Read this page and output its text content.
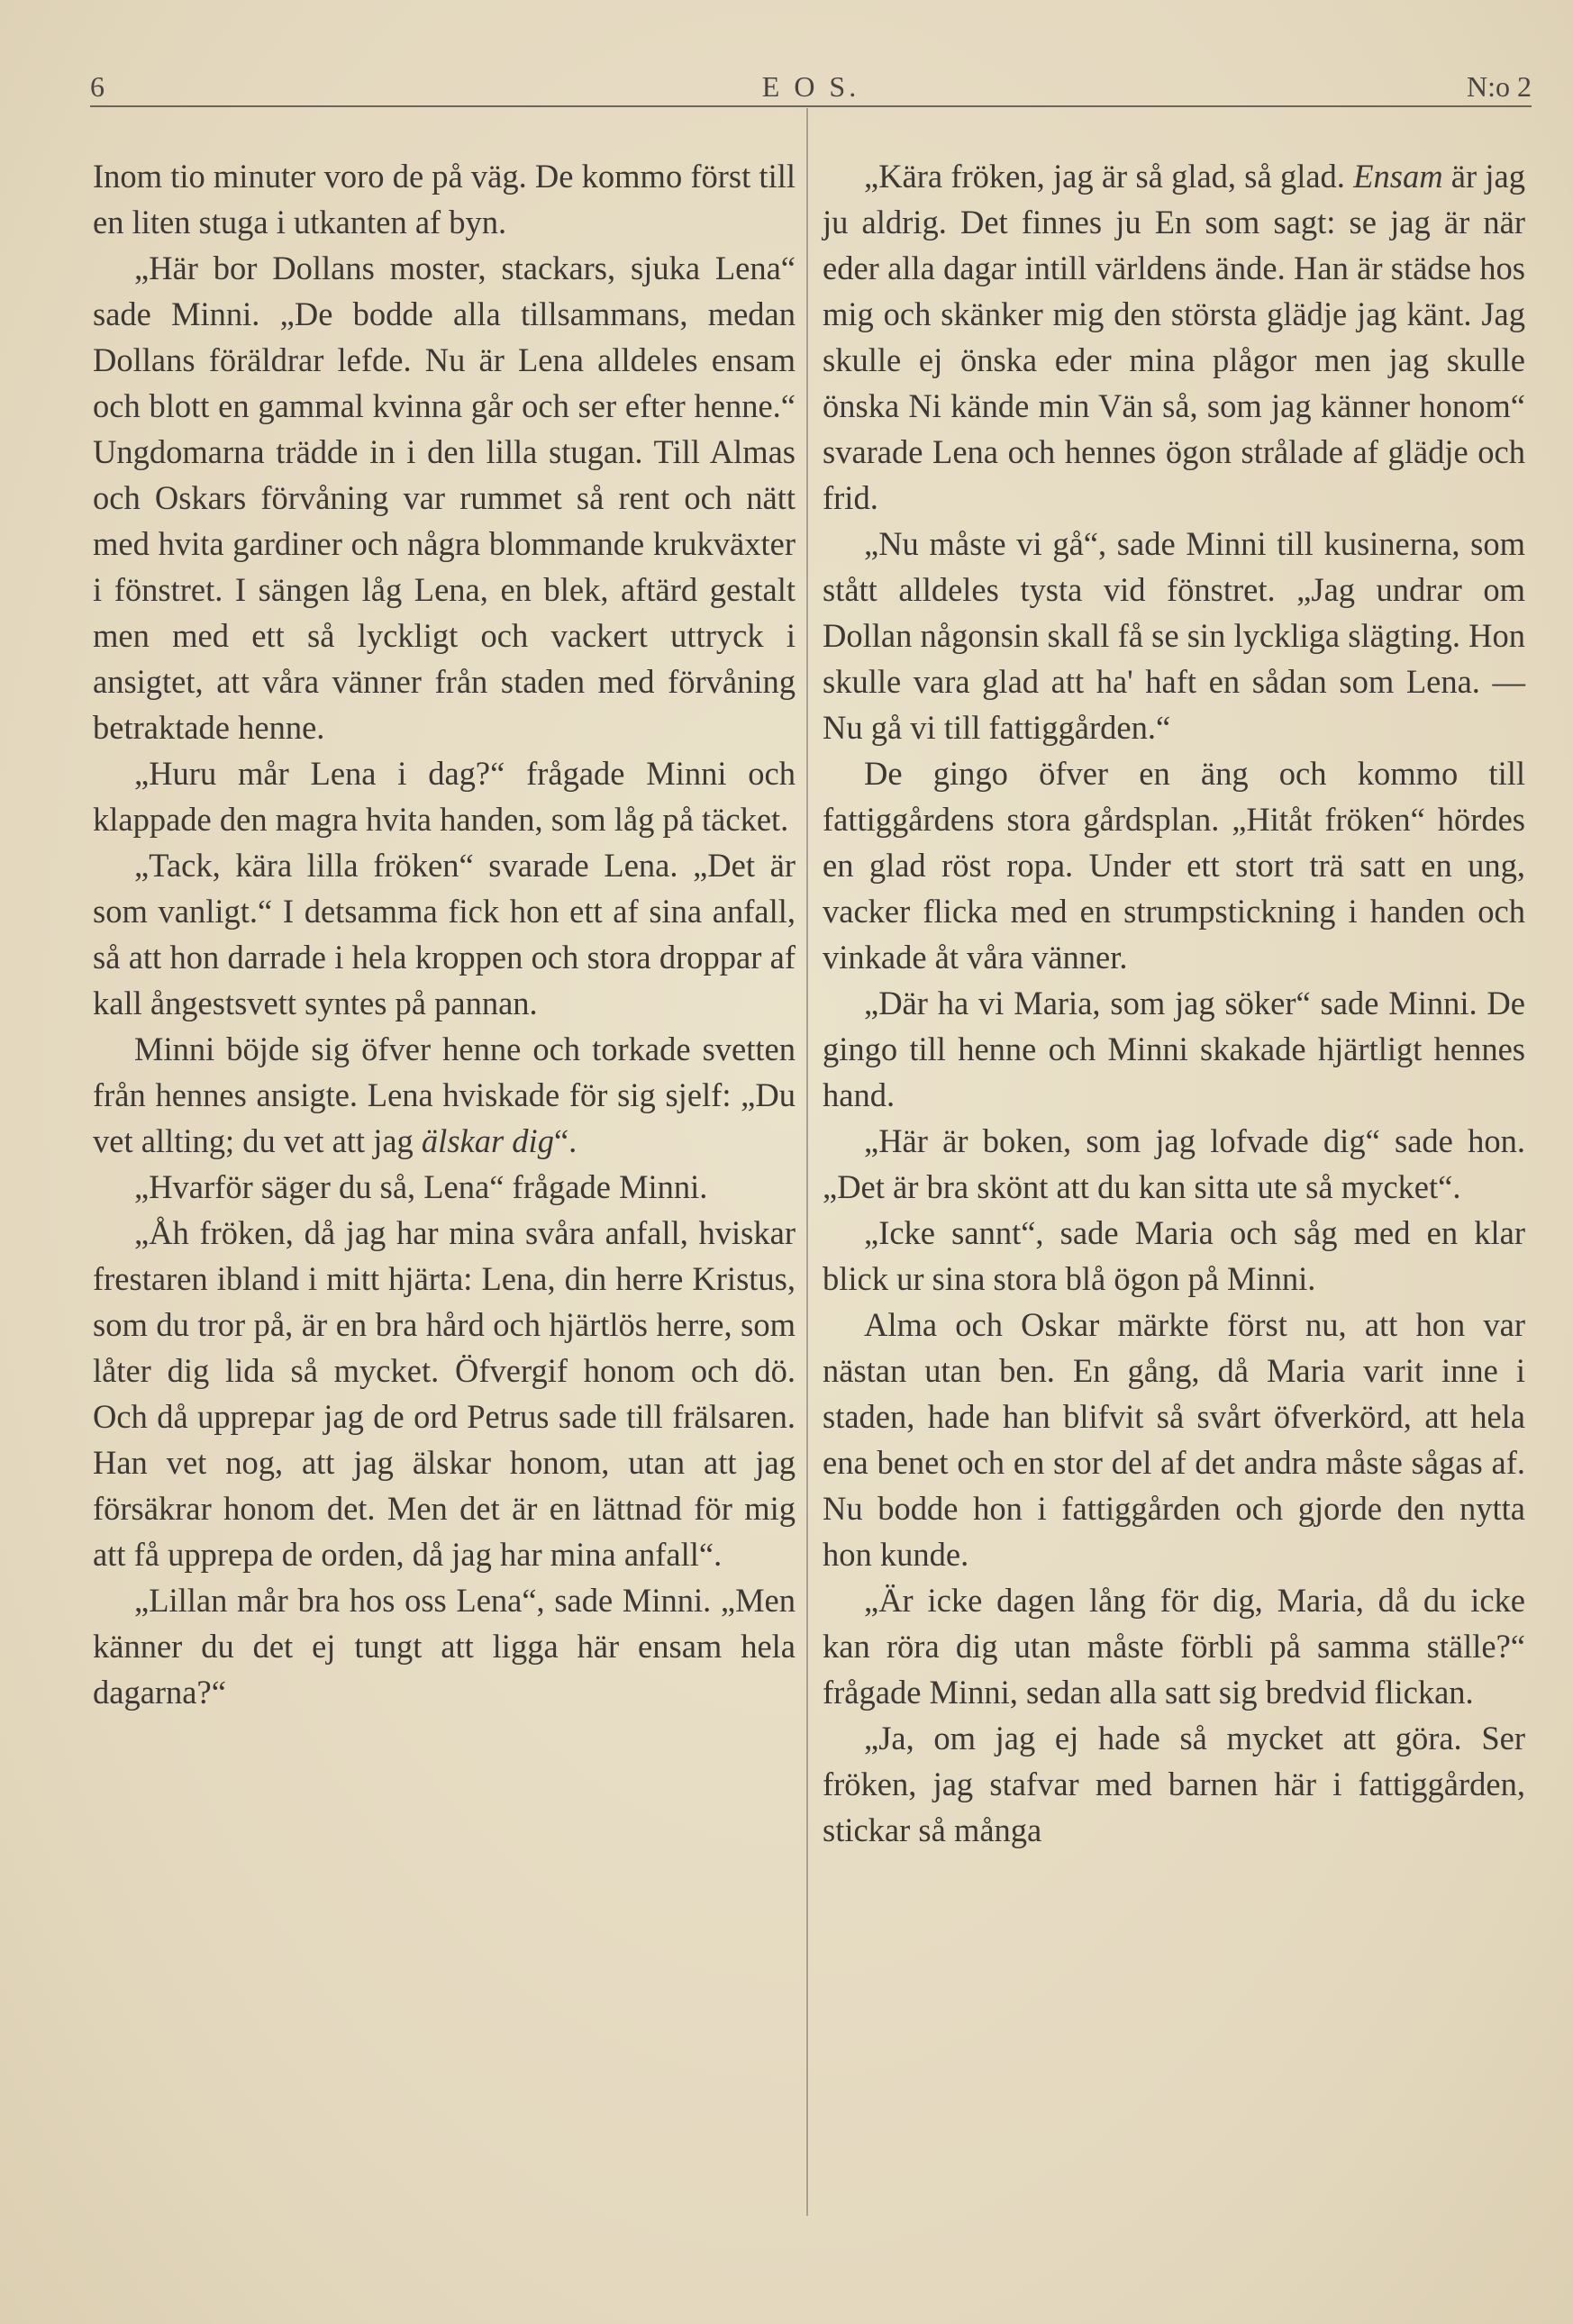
6	E O S.	N:o 2

Inom tio minuter voro de på väg. De kommo först till en liten stuga i utkanten af byn.

„Här bor Dollans moster, stackars, sjuka Lena“ sade Minni. „De bodde alla tillsammans, medan Dollans föräldrar lefde. Nu är Lena alldeles ensam och blott en gammal kvinna går och ser efter henne.“ Ungdomarna trädde in i den lilla stugan. Till Almas och Oskars förvåning var rummet så rent och nätt med hvita gardiner och några blommande krukväxter i fönstret. I sängen låg Lena, en blek, aftärd gestalt men med ett så lyckligt och vackert uttryck i ansigtet, att våra vänner från staden med förvåning betraktade henne.

„Huru mår Lena i dag?“ frågade Minni och klappade den magra hvita handen, som låg på täcket.

„Tack, kära lilla fröken“ svarade Lena. „Det är som vanligt.“ I detsamma fick hon ett af sina anfall, så att hon darrade i hela kroppen och stora droppar af kall ångestsvett syntes på pannan.

Minni böjde sig öfver henne och torkade svetten från hennes ansigte. Lena hviskade för sig sjelf: „Du vet allting; du vet att jag älskar dig“.

„Hvarför säger du så, Lena“ frågade Minni.

„Åh fröken, då jag har mina svåra anfall, hviskar frestaren ibland i mitt hjärta: Lena, din herre Kristus, som du tror på, är en bra hård och hjärtlös herre, som låter dig lida så mycket. Öfvergif honom och dö. Och då upprepar jag de ord Petrus sade till frälsaren. Han vet nog, att jag älskar honom, utan att jag försäkrar honom det. Men det är en lättnad för mig att få upprepa de orden, då jag har mina anfall“.

„Lillan mår bra hos oss Lena“, sade Minni. „Men känner du det ej tungt att ligga här ensam hela dagarna?“

„Kära fröken, jag är så glad, så glad. Ensam är jag ju aldrig. Det finnes ju En som sagt: se jag är när eder alla dagar intill världens ände. Han är städse hos mig och skänker mig den största glädje jag känt. Jag skulle ej önska eder mina plågor men jag skulle önska Ni kände min Vän så, som jag känner honom“ svarade Lena och hennes ögon strålade af glädje och frid.

„Nu måste vi gå“, sade Minni till kusinerna, som stått alldeles tysta vid fönstret. „Jag undrar om Dollan någonsin skall få se sin lyckliga slägting. Hon skulle vara glad att ha' haft en sådan som Lena. — Nu gå vi till fattiggården.“

De gingo öfver en äng och kommo till fattiggårdens stora gårdsplan. „Hitåt fröken“ hördes en glad röst ropa. Under ett stort trä satt en ung, vacker flicka med en strumpstickning i handen och vinkade åt våra vänner.

„Där ha vi Maria, som jag söker“ sade Minni. De gingo till henne och Minni skakade hjärtligt hennes hand.

„Här är boken, som jag lofvade dig“ sade hon. „Det är bra skönt att du kan sitta ute så mycket“.

„Icke sannt“, sade Maria och såg med en klar blick ur sina stora blå ögon på Minni.

Alma och Oskar märkte först nu, att hon var nästan utan ben. En gång, då Maria varit inne i staden, hade han blifvit så svårt öfverkörd, att hela ena benet och en stor del af det andra måste sågas af. Nu bodde hon i fattiggården och gjorde den nytta hon kunde.

„Är icke dagen lång för dig, Maria, då du icke kan röra dig utan måste förbli på samma ställe?“ frågade Minni, sedan alla satt sig bredvid flickan.

„Ja, om jag ej hade så mycket att göra. Ser fröken, jag stafvar med barnen här i fattiggården, stickar så många
